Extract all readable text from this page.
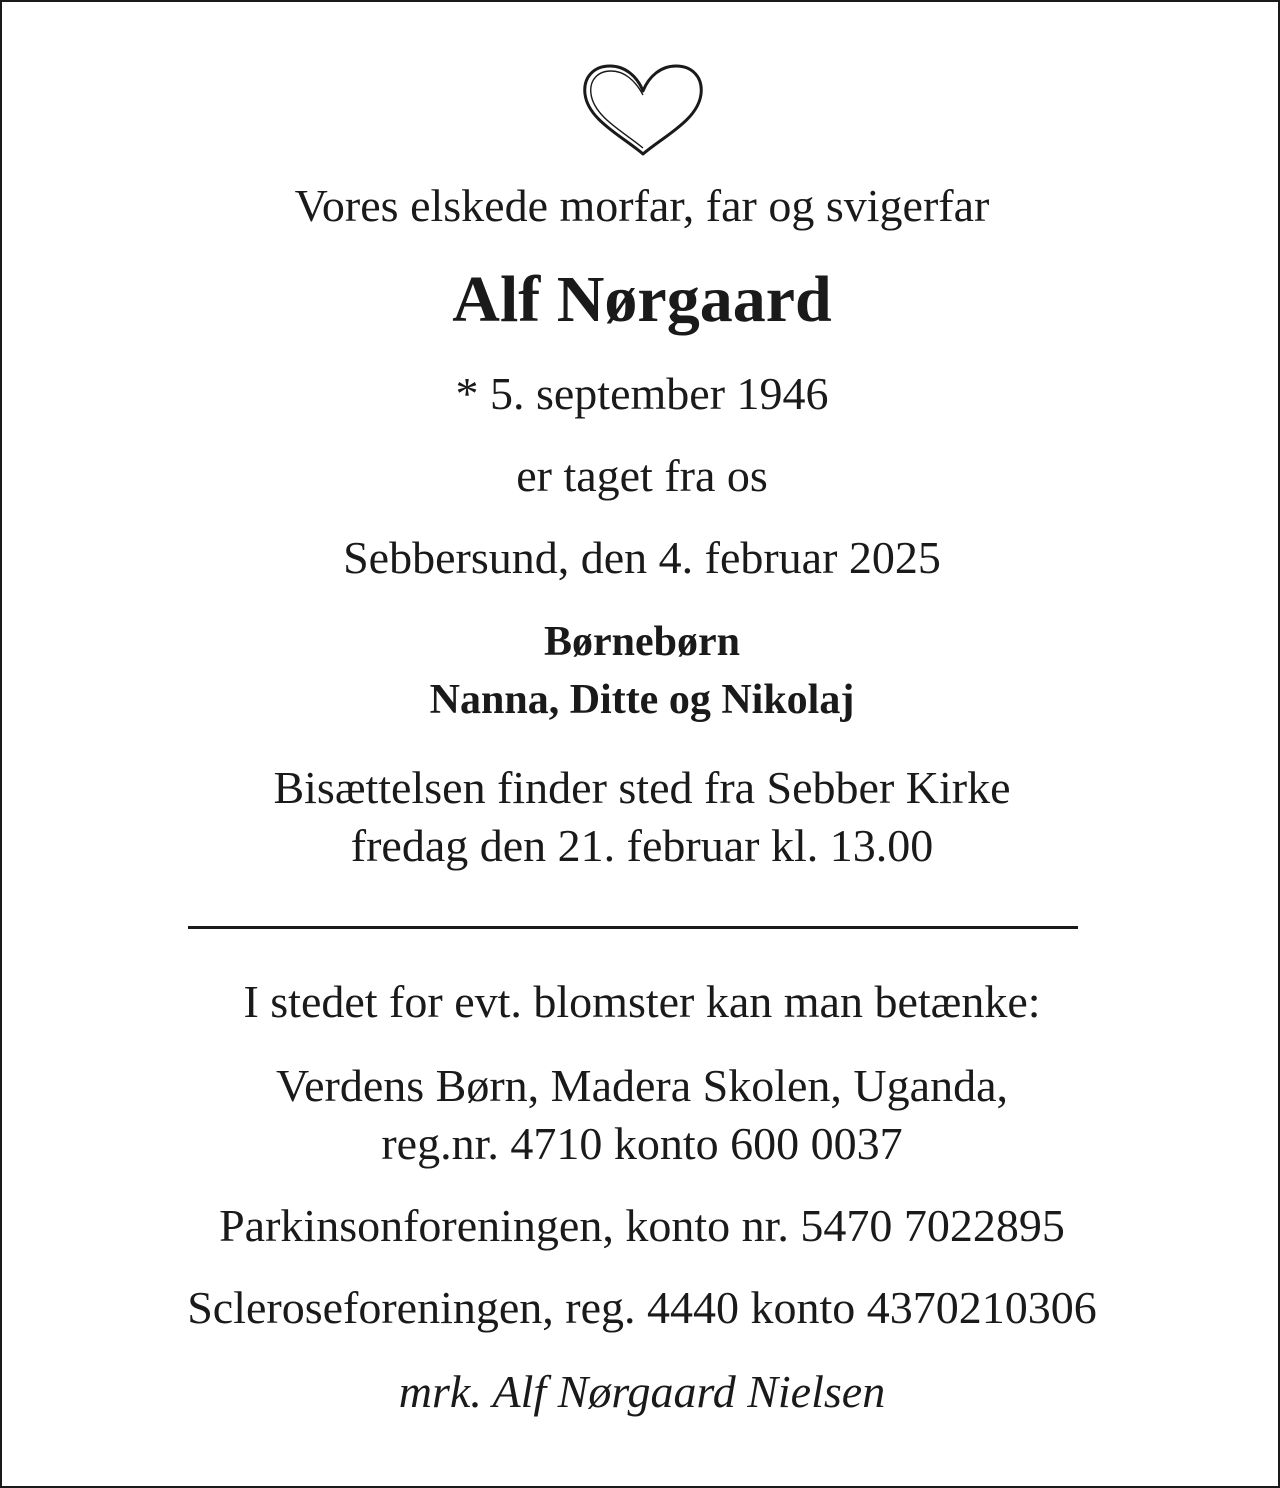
Vores elskede morfar, far og svigerfar

Alf Nørgaard

* 5. september 1946

er taget fra os

Sebbersund, den 4. februar 2025

Børnebørn

Nanna, Ditte og Nikolaj

Bisættelsen finder sted fra Sebber Kirke

fredag den 21. februar kl. 13.00

I stedet for evt. blomster kan man betænke:

Verdens Børn, Madera Skolen, Uganda,

reg.nr. 4710 konto 600 0037

Parkinsonforeningen, konto nr. 5470 7022895

Scleroseforeningen, reg. 4440 konto 4370210306

mrk. Alf Nørgaard Nielsen
